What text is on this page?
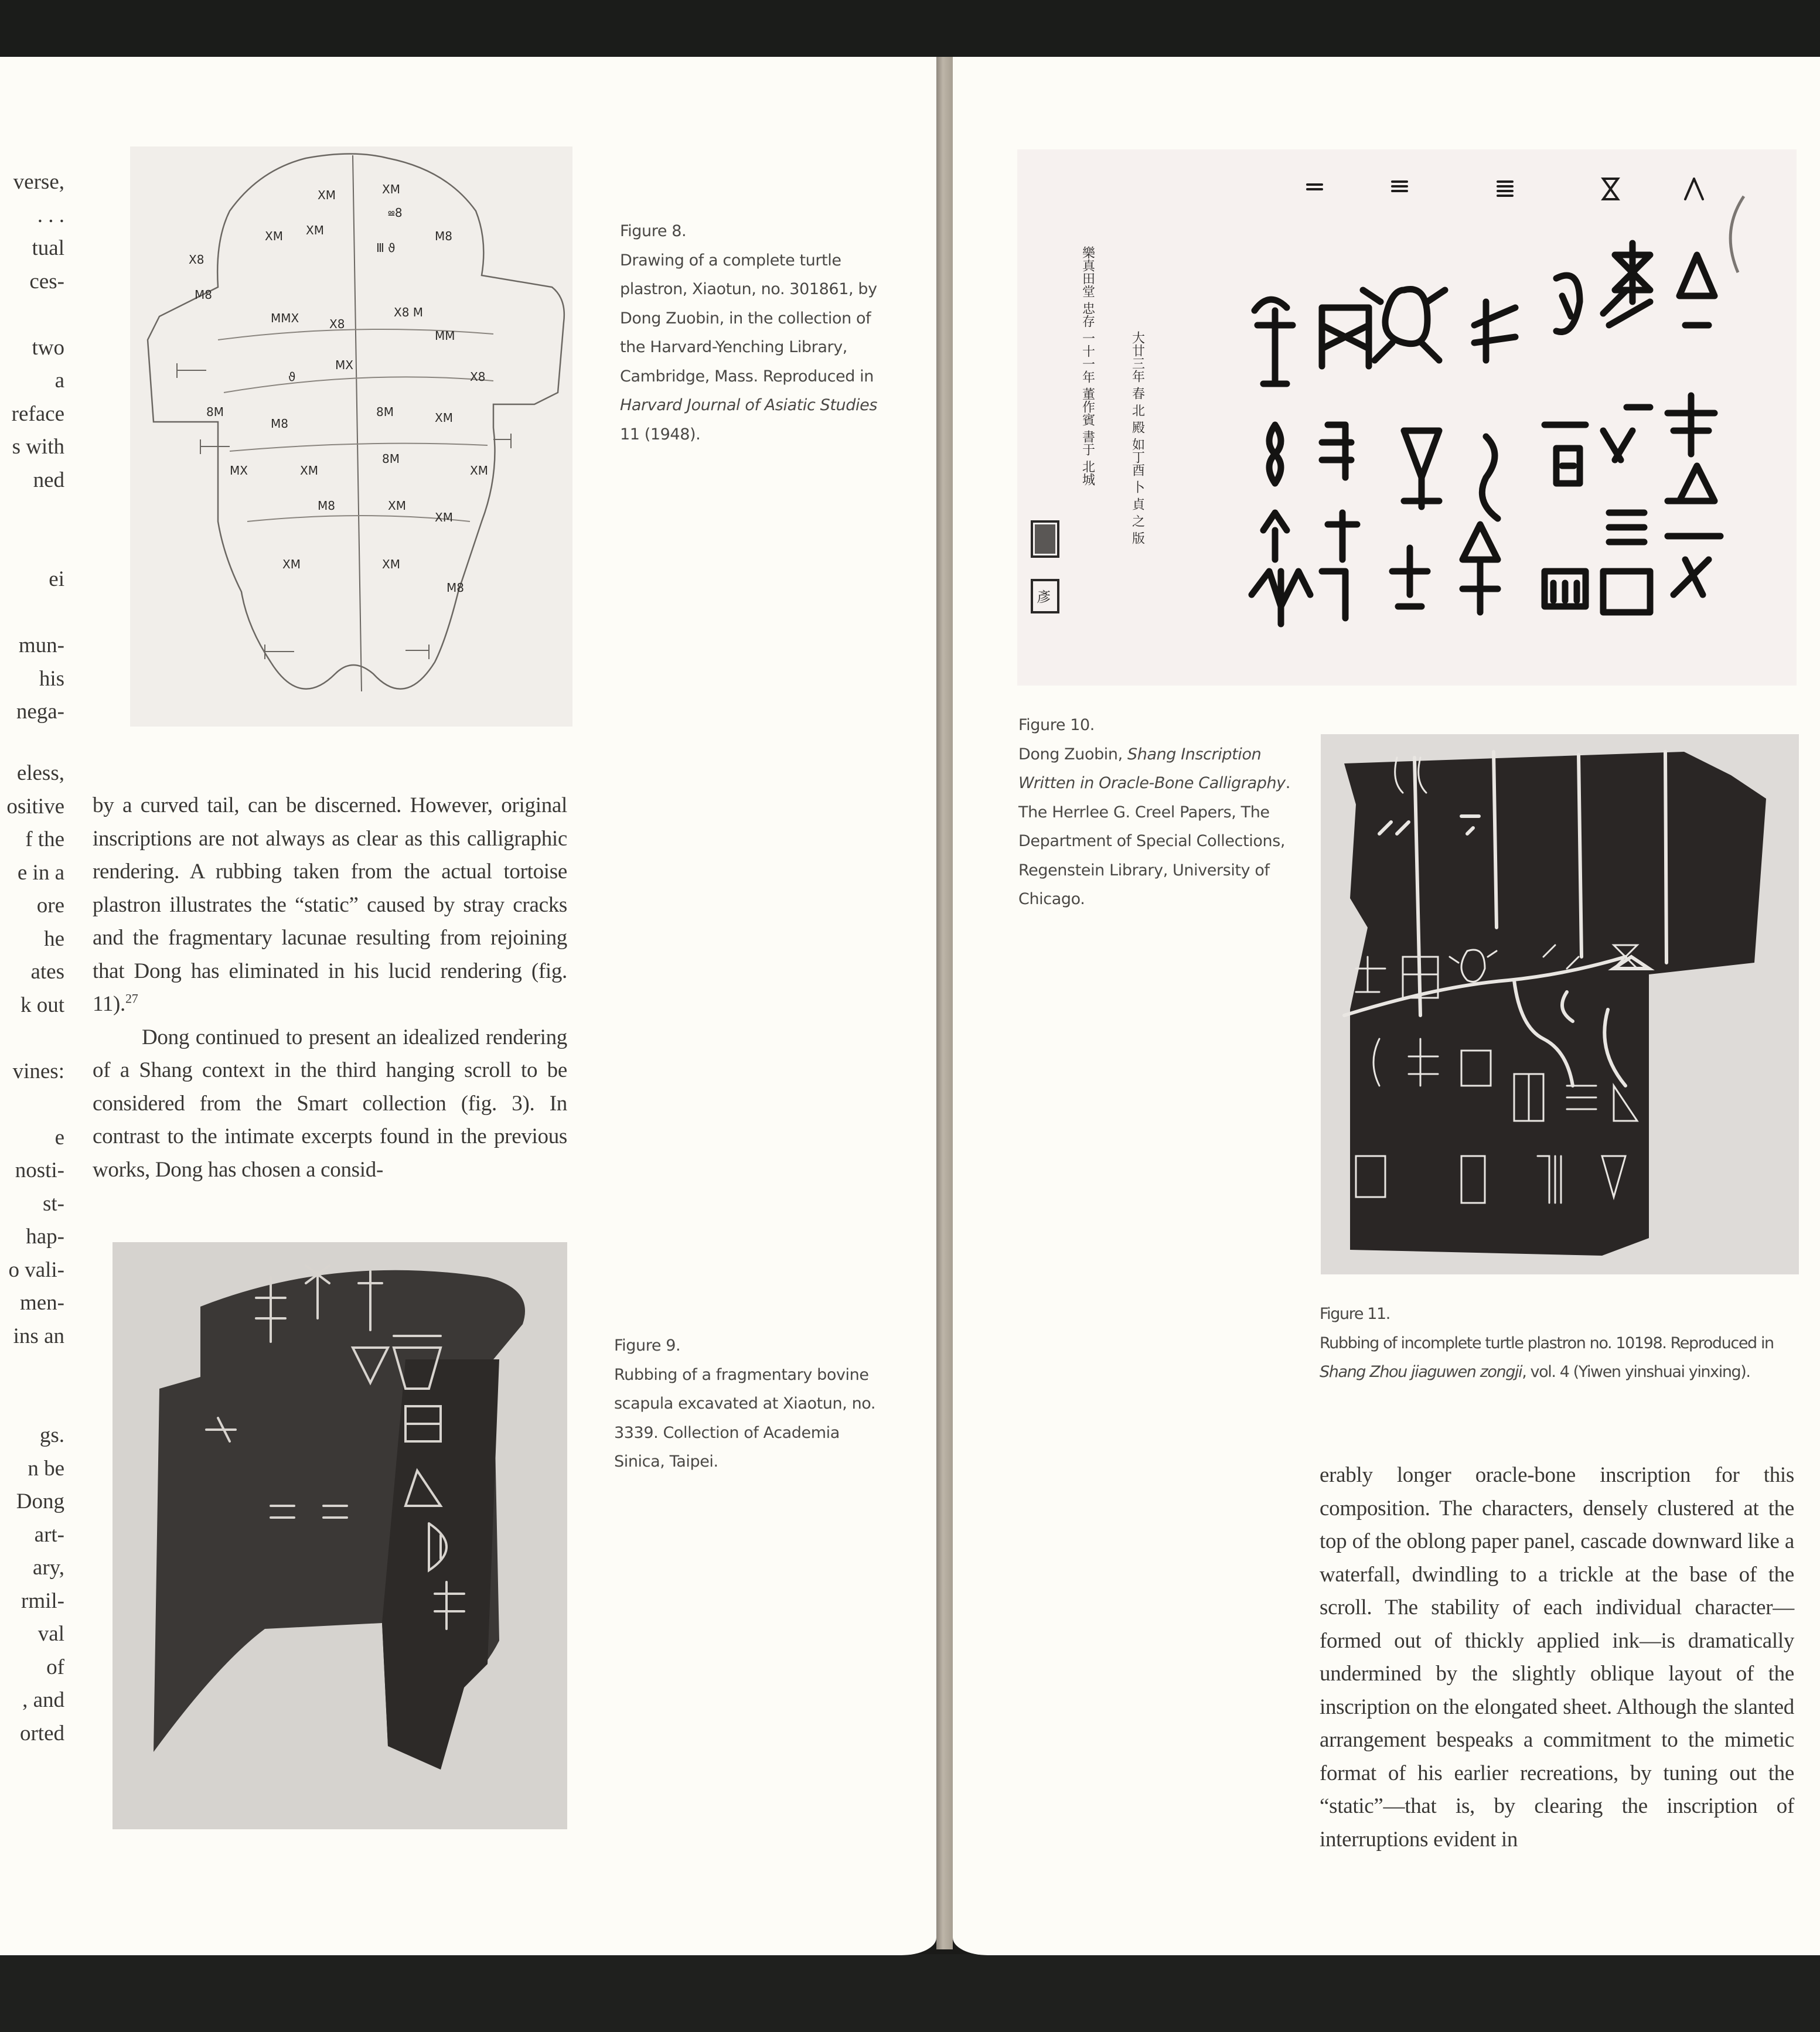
verse,
. . .
tual
ces-
two
a
reface
s with
ned
ei
mun-
his
nega-
eless,
ositive
f the
e in a
ore
he
ates
k out
vines:
e
nosti-
st-
hap-
o vali-
men-
ins an
gs.
n be
Dong
art-
ary,
rmil-
val
of
, and
orted
XM	XM
ⳬ8
XM XM
Ⅲ ϑ
M8
X8
M8
MMX	X8
X8 M
MM
MX
ϑ	X8
8M
M8
8M	XM
XM
8M
XM
MX
M8	XM
XM
XM	XM
M8
Figure 8.
Drawing of a complete turtle plastron, Xiaotun, no. 301861, by Dong Zuobin, in the collection of the Harvard-Yenching Library, Cambridge, Mass. Reproduced in Harvard Journal of Asiatic Studies 11 (1948).

by a curved tail, can be discerned. However, original inscriptions are not always as clear as this calligraphic rendering. A rubbing taken from the actual tortoise plastron illustrates the “static” caused by stray cracks and the fragmentary lacunae resulting from rejoining that Dong has eliminated in his lucid rendering (fig. 11).$^{27}$

Dong continued to present an idealized rendering of a Shang context in the third hanging scroll to be considered from the Smart collection (fig. 3). In contrast to the intimate excerpts found in the previous works, Dong has chosen a consid-

Figure 9.
Rubbing of a fragmentary bovine scapula excavated at Xiaotun, no. 3339. Collection of Academia Sinica, Taipei.
樂真田堂 忠存 一十一年 董作賓 書于 北城	大廿三年 春 北 殿 如丁酉 卜 貞 之 版
彥
Figure 10.
Dong Zuobin, Shang Inscription Written in Oracle-Bone Calligraphy. The Herrlee G. Creel Papers, The Department of Special Collections, Regenstein Library, University of Chicago.
Figure 11.
Rubbing of incomplete turtle plastron no. 10198. Reproduced in Shang Zhou jiaguwen zongji, vol. 4 (Yiwen yinshuai yinxing).

erably longer oracle-bone inscription for this composition. The characters, densely clustered at the top of the oblong paper panel, cascade downward like a waterfall, dwindling to a trickle at the base of the scroll. The stability of each individual character—formed out of thickly applied ink—is dramatically undermined by the slightly oblique layout of the inscription on the elongated sheet. Although the slanted arrangement bespeaks a commitment to the mimetic format of his earlier recreations, by tuning out the “static”—that is, by clearing the inscription of interruptions evident in
